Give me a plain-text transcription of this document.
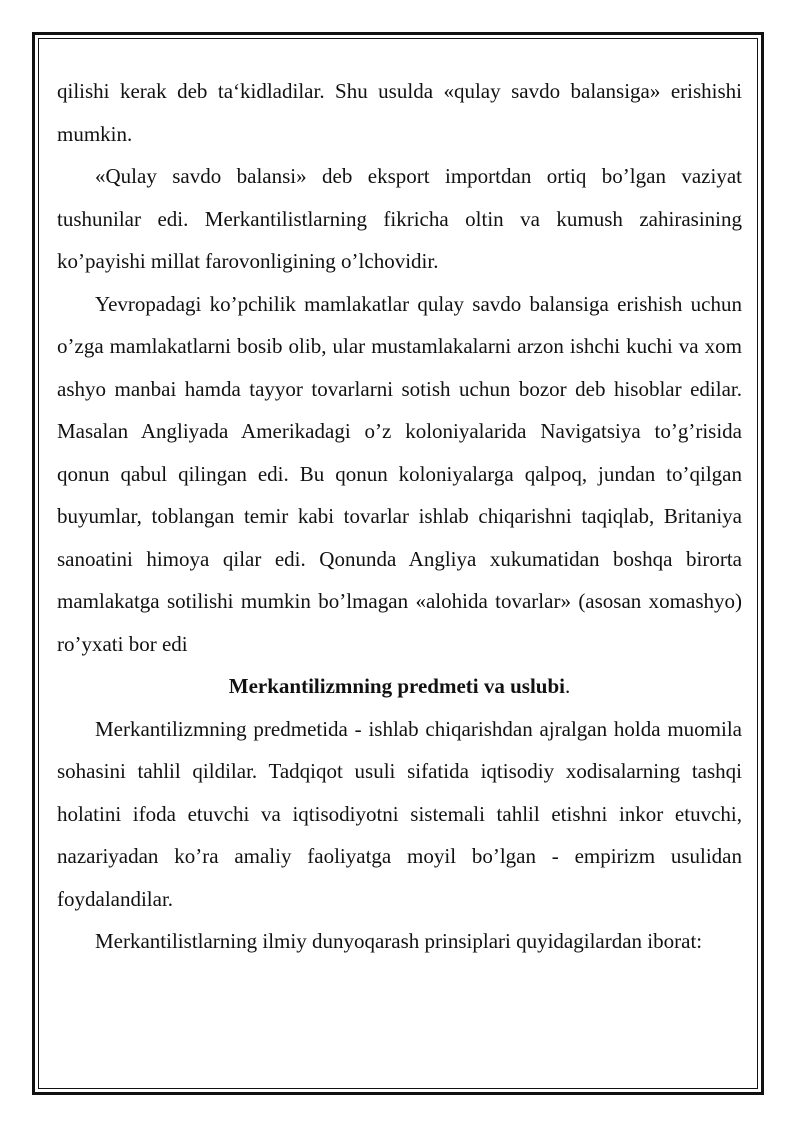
qilishi kerak deb ta‘kidladilar. Shu usulda «qulay savdo balansiga» erishishi mumkin.

«Qulay savdo balansi» deb eksport importdan ortiq bo’lgan vaziyat tushunilar edi. Merkantilistlarning fikricha oltin va kumush zahirasining ko’payishi millat farovonligining o’lchovidir.

Yevropadagi ko’pchilik mamlakatlar qulay savdo balansiga erishish uchun o’zga mamlakatlarni bosib olib, ular mustamlakalarni arzon ishchi kuchi va xom ashyo manbai hamda tayyor tovarlarni sotish uchun bozor deb hisoblar edilar. Masalan Angliyada Amerikadagi o’z koloniyalarida Navigatsiya to’g’risida qonun qabul qilingan edi. Bu qonun koloniyalarga qalpoq, jundan to’qilgan buyumlar, toblangan temir kabi tovarlar ishlab chiqarishni taqiqlab, Britaniya sanoatini himoya qilar edi. Qonunda Angliya xukumatidan boshqa birorta mamlakatga sotilishi mumkin bo’lmagan «alohida tovarlar» (asosan xomashyo) ro’yxati bor edi

Merkantilizmning predmeti va uslubi.

Merkantilizmning predmetida - ishlab chiqarishdan ajralgan holda muomila sohasini tahlil qildilar. Tadqiqot usuli sifatida iqtisodiy xodisalarning tashqi holatini ifoda etuvchi va iqtisodiyotni sistemali tahlil etishni inkor etuvchi, nazariyadan ko’ra amaliy faoliyatga moyil bo’lgan - empirizm usulidan foydalandilar.

Merkantilistlarning ilmiy dunyoqarash prinsiplari quyidagilardan iborat:
